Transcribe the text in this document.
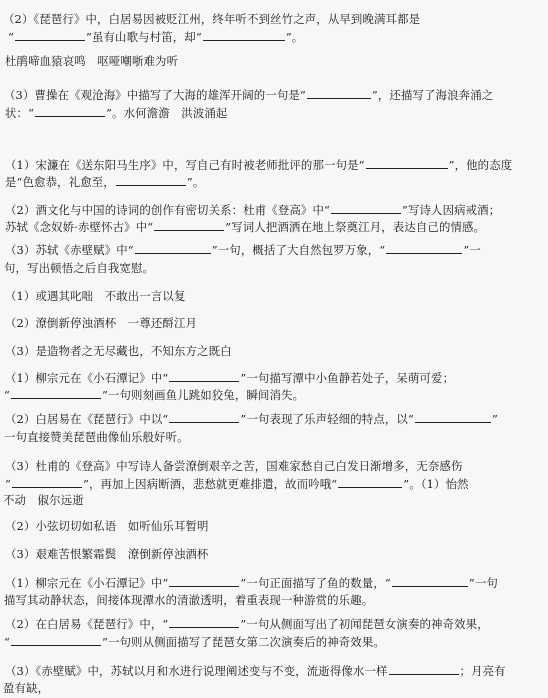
（2）《琵琶行》中，白居易因被贬江州，终年听不到丝竹之声，从早到晚满耳都是
“	”虽有山歌与村笛，却“	”。
杜鹃啼血猿哀鸣　呕哑嘲哳难为听
（3）曹操在《观沧海》中描写了大海的雄浑开阔的一句是“	”，还描写了海浪奔涌之
状：“	”。水何澹澹　洪波涌起
（1）宋濂在《送东阳马生序》中，写自己有时被老师批评的那一句是“	”，他的态度
是“色愈恭，礼愈至，	”。
（2）酒文化与中国的诗词的创作有密切关系：杜甫《登高》中“	”写诗人因病戒酒；
苏轼《念奴娇·赤壁怀古》中“	”写词人把酒洒在地上祭奠江月，表达自己的情感。
（3）苏轼《赤壁赋》中“	”一句，概括了大自然包罗万象，“	”一
句，写出顿悟之后自我宽慰。
（1）或遇其叱咄　不敢出一言以复
（2）潦倒新停浊酒杯　一尊还酹江月
（3）是造物者之无尽藏也，不知东方之既白
（1）柳宗元在《小石潭记》中“	”一句描写潭中小鱼静若处子，呆萌可爱；
“	”一句则刻画鱼儿跳如狡兔，瞬间消失。
（2）白居易在《琵琶行》中以“	”一句表现了乐声轻细的特点，以“	”
一句直接赞美琵琶曲像仙乐般好听。
（3）杜甫的《登高》中写诗人备尝潦倒艰辛之苦，国难家愁自己白发日渐增多，无奈感伤
“	”，再加上因病断酒，悲愁就更难排遣，故而吟哦“	”。（1）怡然
不动　俶尔远逝
（2）小弦切切如私语　如听仙乐耳暂明
（3）艰难苦恨繁霜鬓　潦倒新停浊酒杯
（1）柳宗元在《小石潭记》中“	”一句正面描写了鱼的数量，“	”一句
描写其动静状态，间接体现潭水的清澈透明，着重表现一种游赏的乐趣。
（2）在白居易《琵琶行》中，“	”一句从侧面写出了初闻琵琶女演奏的神奇效果，
“	”一句则从侧面描写了琵琶女第二次演奏后的神奇效果。
（3）《赤壁赋》中，苏轼以月和水进行说理阐述变与不变，流逝得像水一样	；月亮有
盈有缺，
